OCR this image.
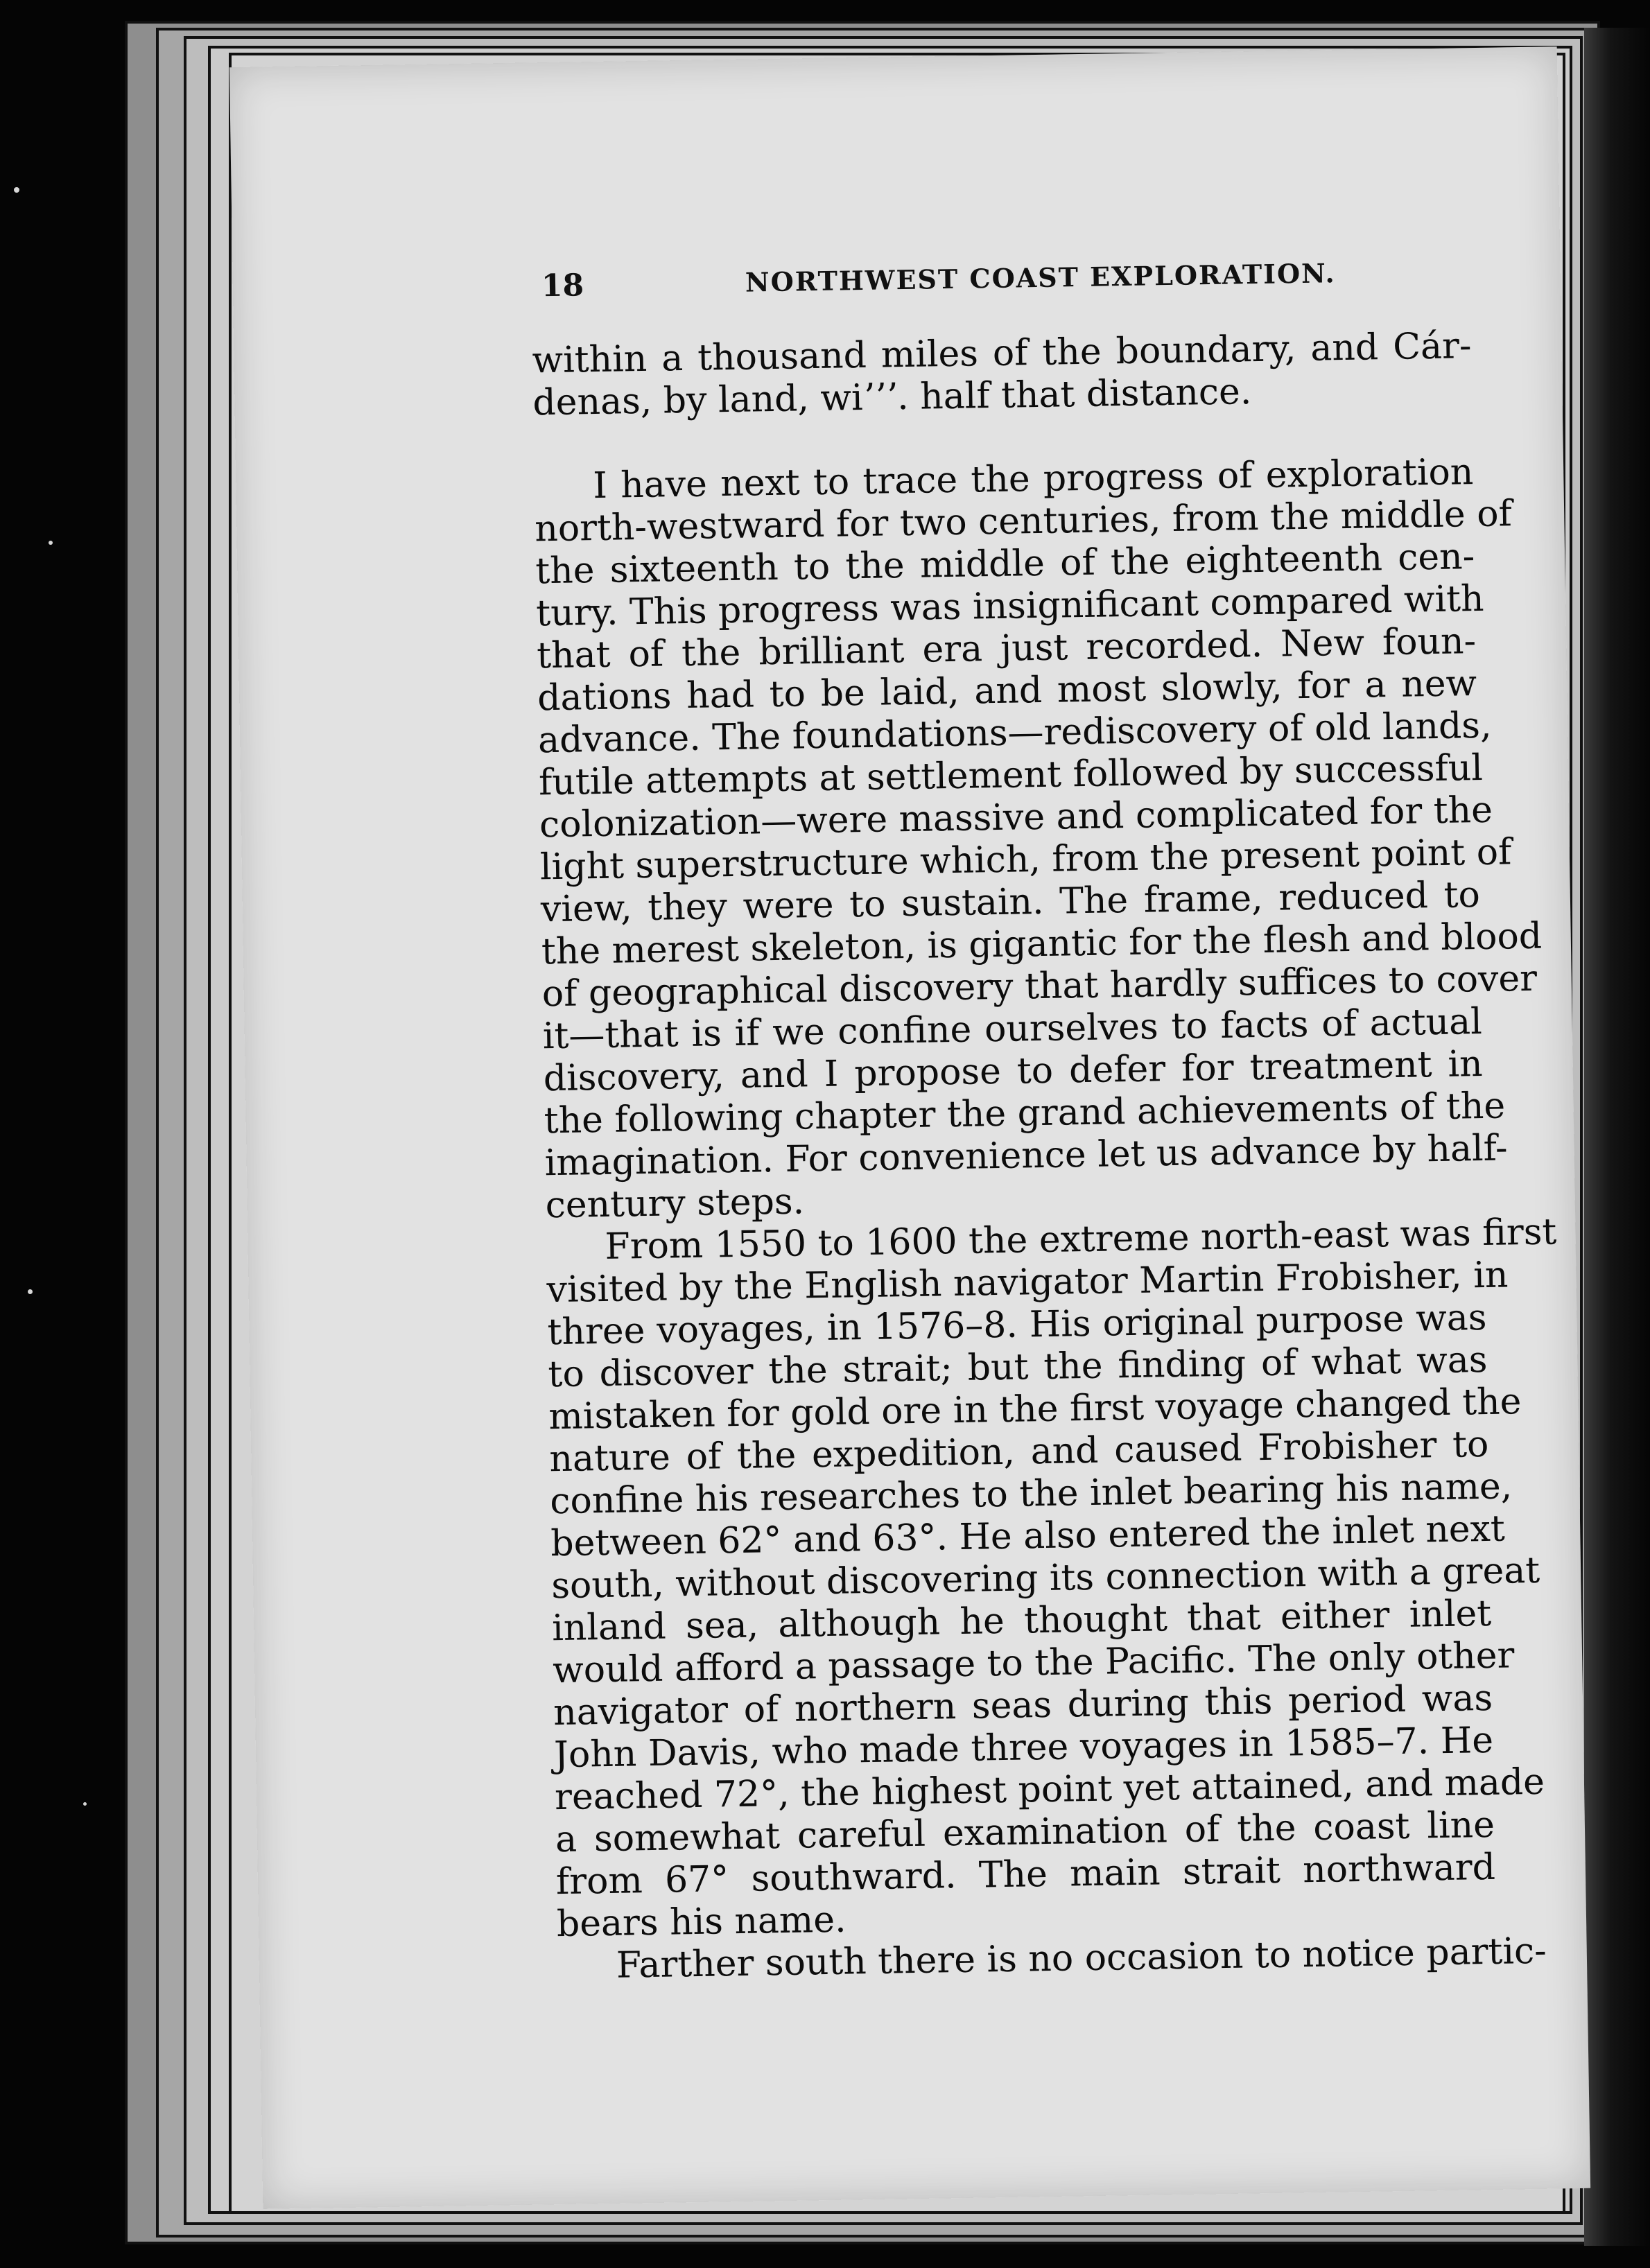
18	NORTHWEST COAST EXPLORATION.
within a thousand miles of the boundary, and Cár-
denas, by land, wiʼʼʼ. half that distance.
I have next to trace the progress of exploration
north-westward for two centuries, from the middle of
the sixteenth to the middle of the eighteenth cen-
tury. This progress was insignificant compared with
that of the brilliant era just recorded. New foun-
dations had to be laid, and most slowly, for a new
advance. The foundations—rediscovery of old lands,
futile attempts at settlement followed by successful
colonization—were massive and complicated for the
light superstructure which, from the present point of
view, they were to sustain. The frame, reduced to
the merest skeleton, is gigantic for the flesh and blood
of geographical discovery that hardly suffices to cover
it—that is if we confine ourselves to facts of actual
discovery, and I propose to defer for treatment in
the following chapter the grand achievements of the
imagination. For convenience let us advance by half-
century steps.
From 1550 to 1600 the extreme north-east was first
visited by the English navigator Martin Frobisher, in
three voyages, in 1576–8. His original purpose was
to discover the strait; but the finding of what was
mistaken for gold ore in the first voyage changed the
nature of the expedition, and caused Frobisher to
confine his researches to the inlet bearing his name,
between 62° and 63°. He also entered the inlet next
south, without discovering its connection with a great
inland sea, although he thought that either inlet
would afford a passage to the Pacific. The only other
navigator of northern seas during this period was
John Davis, who made three voyages in 1585–7. He
reached 72°, the highest point yet attained, and made
a somewhat careful examination of the coast line
from 67° southward. The main strait northward
bears his name.
Farther south there is no occasion to notice partic-
